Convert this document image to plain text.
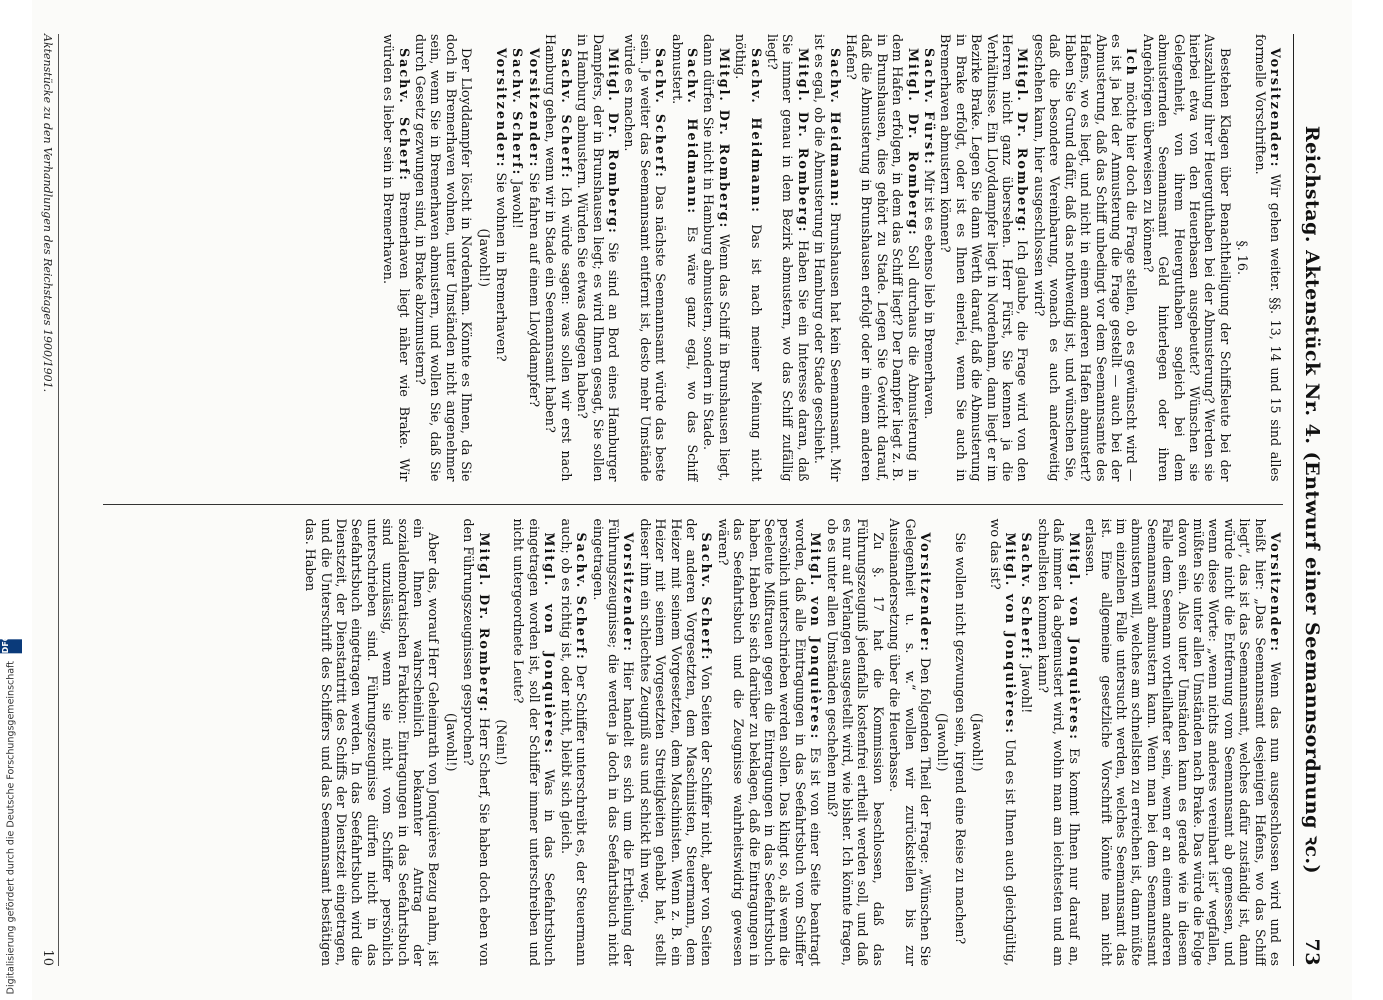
Reichstag. Aktenstück Nr. 4. (Entwurf einer Seemannsordnung ꝛc.)
73

Vorsitzender: Wir gehen weiter. §§. 13, 14 und 15 sind alles formelle Vorschriften.

§. 16.

Bestehen Klagen über Benachtheiligung der Schiffsleute bei der Auszahlung ihrer Heuerguthaben bei der Abmusterung? Werden sie hierbei etwa von den Heuerbasen ausgebeutet? Wünschen sie Gelegenheit, von ihrem Heuerguthaben sogleich bei dem abmusternden Seemannsamt Geld hinterlegen oder ihren Angehörigen überweisen zu können?

Ich möchte hier doch die Frage stellen, ob es gewünscht wird — es ist ja bei der Anmusterung die Frage gestellt — auch bei der Abmusterung, daß das Schiff unbedingt vor dem Seemannsamte des Hafens, wo es liegt, und nicht in einem anderen Hafen abmustert? Haben Sie Grund dafür, daß das nothwendig ist, und wünschen Sie, daß die besondere Vereinbarung, wonach es auch anderweitig geschehen kann, hier ausgeschlossen wird?

Mitgl. Dr. Romberg: Ich glaube, die Frage wird von den Herren nicht ganz übersehen. Herr Fürst, Sie kennen ja die Verhältnisse. Ein Lloyddampfer liegt in Nordenham, dann liegt er im Bezirke Brake. Legen Sie dann Werth darauf, daß die Abmusterung in Brake erfolgt, oder ist es Ihnen einerlei, wenn Sie auch in Bremerhaven abmustern können?

Sachv. Fürst: Mir ist es ebenso lieb in Bremerhaven.

Mitgl. Dr. Romberg: Soll durchaus die Abmusterung in dem Hafen erfolgen, in dem das Schiff liegt? Der Dampfer liegt z. B. in Brunshausen, dies gehört zu Stade. Legen Sie Gewicht darauf, daß die Abmusterung in Brunshausen erfolgt oder in einem anderen Hafen?

Sachv. Heidmann: Brunshausen hat kein Seemannsamt. Mir ist es egal, ob die Abmusterung in Hamburg oder Stade geschieht.

Mitgl. Dr. Romberg: Haben Sie ein Interesse daran, daß Sie immer genau in dem Bezirk abmustern, wo das Schiff zufällig liegt?

Sachv. Heidmann: Das ist nach meiner Meinung nicht nöthig.

Mitgl. Dr. Romberg: Wenn das Schiff in Brunshausen liegt, dann dürfen Sie nicht in Hamburg abmustern, sondern in Stade.

Sachv. Heidmann: Es wäre ganz egal, wo das Schiff abmustert.

Sachv. Scherf: Das nächste Seemannsamt würde das beste sein. Je weiter das Seemannsamt entfernt ist, desto mehr Umstände würde es machen.

Mitgl. Dr. Romberg: Sie sind an Bord eines Hamburger Dampfers, der in Brunshausen liegt; es wird Ihnen gesagt, Sie sollen in Hamburg abmustern. Würden Sie etwas dagegen haben?

Sachv. Scherf: Ich würde sagen: was sollen wir erst nach Hamburg gehen, wenn wir in Stade ein Seemannsamt haben?

Vorsitzender: Sie fahren auf einem Lloyddampfer?

Sachv. Scherf: Jawohl!

Vorsitzender: Sie wohnen in Bremerhaven?

(Jawohl!)

Der Lloyddampfer löscht in Nordenham. Könnte es Ihnen, da Sie doch in Bremerhaven wohnen, unter Umständen nicht angenehmer sein, wenn Sie in Bremerhaven abmustern, und wollen Sie, daß Sie durch Gesetz gezwungen sind, in Brake abzumustern?

Sachv. Scherf: Bremerhaven liegt näher wie Brake. Wir würden es lieber sein in Bremerhaven.

Vorsitzender: Wenn das nun ausgeschlossen wird und es heißt hier: „Das Seemannsamt desjenigen Hafens, wo das Schiff liegt“, das ist das Seemannsamt, welches dafür zuständig ist, dann würde nicht die Entfernung vom Seemannsamt ab gemessen, und wenn diese Worte: „wenn nichts anderes vereinbart ist“ wegfallen, müßten Sie unter allen Umständen nach Brake. Das würde die Folge davon sein. Also unter Umständen kann es gerade wie in diesem Falle dem Seemann vortheilhafter sein, wenn er an einem anderen Seemannsamt abmustern kann. Wenn man bei dem Seemannsamt abmustern will, welches am schnellsten zu erreichen ist, dann müßte im einzelnen Falle untersucht werden, welches Seemannsamt das ist. Eine allgemeine gesetzliche Vorschrift könnte man nicht erlassen.

Mitgl. von Jonquières: Es kommt Ihnen nur darauf an, daß immer da abgemustert wird, wohin man am leichtesten und am schnellsten kommen kann?

Sachv. Scherf: Jawohl!

Mitgl. von Jonquières: Und es ist Ihnen auch gleichgültig, wo das ist?

(Jawohl!)

Sie wollen nicht gezwungen sein, irgend eine Reise zu machen?

(Jawohl!)

Vorsitzender: Den folgenden Theil der Frage: „Wünschen Sie Gelegenheit u. s. w.“ wollen wir zurückstellen bis zur Auseinandersetzung über die Heuerbasse.

Zu §. 17 hat die Kommission beschlossen, daß das Führungszeugniß jedenfalls kostenfrei ertheilt werden soll, und daß es nur auf Verlangen ausgestellt wird, wie bisher. Ich könnte fragen, ob es unter allen Umständen geschehen muß?

Mitgl. von Jonquières: Es ist von einer Seite beantragt worden, daß alle Eintragungen in das Seefahrtsbuch vom Schiffer persönlich unterschrieben werden sollen. Das klingt so, als wenn die Seeleute Mißtrauen gegen die Eintragungen in das Seefahrtsbuch haben. Haben Sie sich darüber zu beklagen, daß die Eintragungen in das Seefahrtsbuch und die Zeugnisse wahrheitswidrig gewesen wären?

Sachv. Scherf: Von Seiten der Schiffer nicht, aber von Seiten der anderen Vorgesetzten, dem Maschinisten, Steuermann, dem Heizer mit seinem Vorgesetzten, dem Maschinisten. Wenn z. B. ein Heizer mit seinem Vorgesetzten Streitigkeiten gehabt hat, stellt dieser ihm ein schlechtes Zeugniß aus und schickt ihn weg.

Vorsitzender: Hier handelt es sich um die Ertheilung der Führungszeugnisse; die werden ja doch in das Seefahrtsbuch nicht eingetragen.

Sachv. Scherf: Der Schiffer unterschreibt es, der Steuermann auch; ob es richtig ist, oder nicht, bleibt sich gleich.

Mitgl. von Jonquières: Was in das Seefahrtsbuch eingetragen worden ist, soll der Schiffer immer unterschreiben und nicht untergeordnete Leute?

(Nein!)

Mitgl. Dr. Romberg: Herr Scherf, Sie haben doch eben von den Führungszeugnissen gesprochen?

(Jawohl!)

Aber das, worauf Herr Geheimrath von Jonquières Bezug nahm, ist ein Ihnen wahrscheinlich bekannter Antrag der sozialdemokratischen Fraktion: Eintragungen in das Seefahrtsbuch sind unzulässig, wenn sie nicht vom Schiffer persönlich unterschrieben sind. Führungszeugnisse dürfen nicht in das Seefahrtsbuch eingetragen werden. In das Seefahrtsbuch wird die Dienstzeit, der Dienstantritt des Schiffs der Dienstzeit eingetragen, und die Unterschrift des Schiffers und das Seemannsamt bestätigen das. Haben

Aktenstücke zu den Verhandlungen des Reichstages 1900/1901.
10
Digitalisierung gefördert durch die Deutsche Forschungsgemeinschaft
DFG
